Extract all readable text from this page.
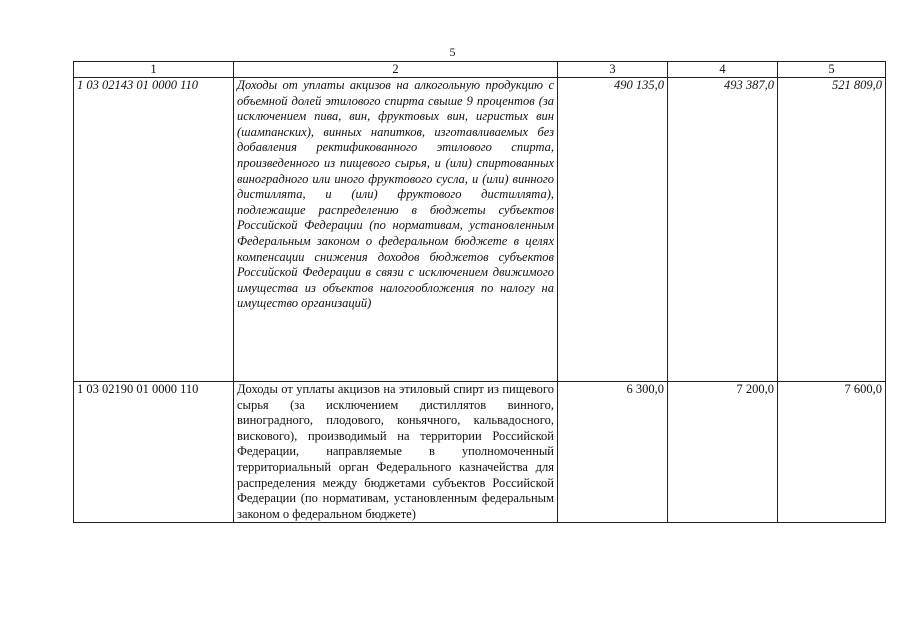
5
1	2	3	4	5
1 03 02143 01 0000 110	Доходы от уплаты акцизов на алкогольную продукцию с объемной долей этилового спирта свыше 9 процентов (за исключением пива, вин, фруктовых вин, игристых вин (шампанских), винных напитков, изготавливаемых без добавления ректификованного этилового спирта, произведенного из пищевого сырья, и (или) спиртованных виноградного или иного фруктового сусла, и (или) винного дистиллята, и (или) фруктового дистиллята), подлежащие распределению в бюджеты субъектов Российской Федерации (по нормативам, установленным Федеральным законом о федеральном бюджете в целях компенсации снижения доходов бюджетов субъектов Российской Федерации в связи с исключением движимого имущества из объектов налогообложения по налогу на имущество организаций)	490 135,0	493 387,0	521 809,0
1 03 02190 01 0000 110	Доходы от уплаты акцизов на этиловый спирт из пищевого сырья (за исключением дистиллятов винного, виноградного, плодового, коньячного, кальвадосного, вискового), производимый на территории Российской Федерации, направляемые в уполномоченный территориальный орган Федерального казначейства для распределения между бюджетами субъектов Российской Федерации (по нормативам, установленным федеральным законом о федеральном бюджете)	6 300,0	7 200,0	7 600,0
